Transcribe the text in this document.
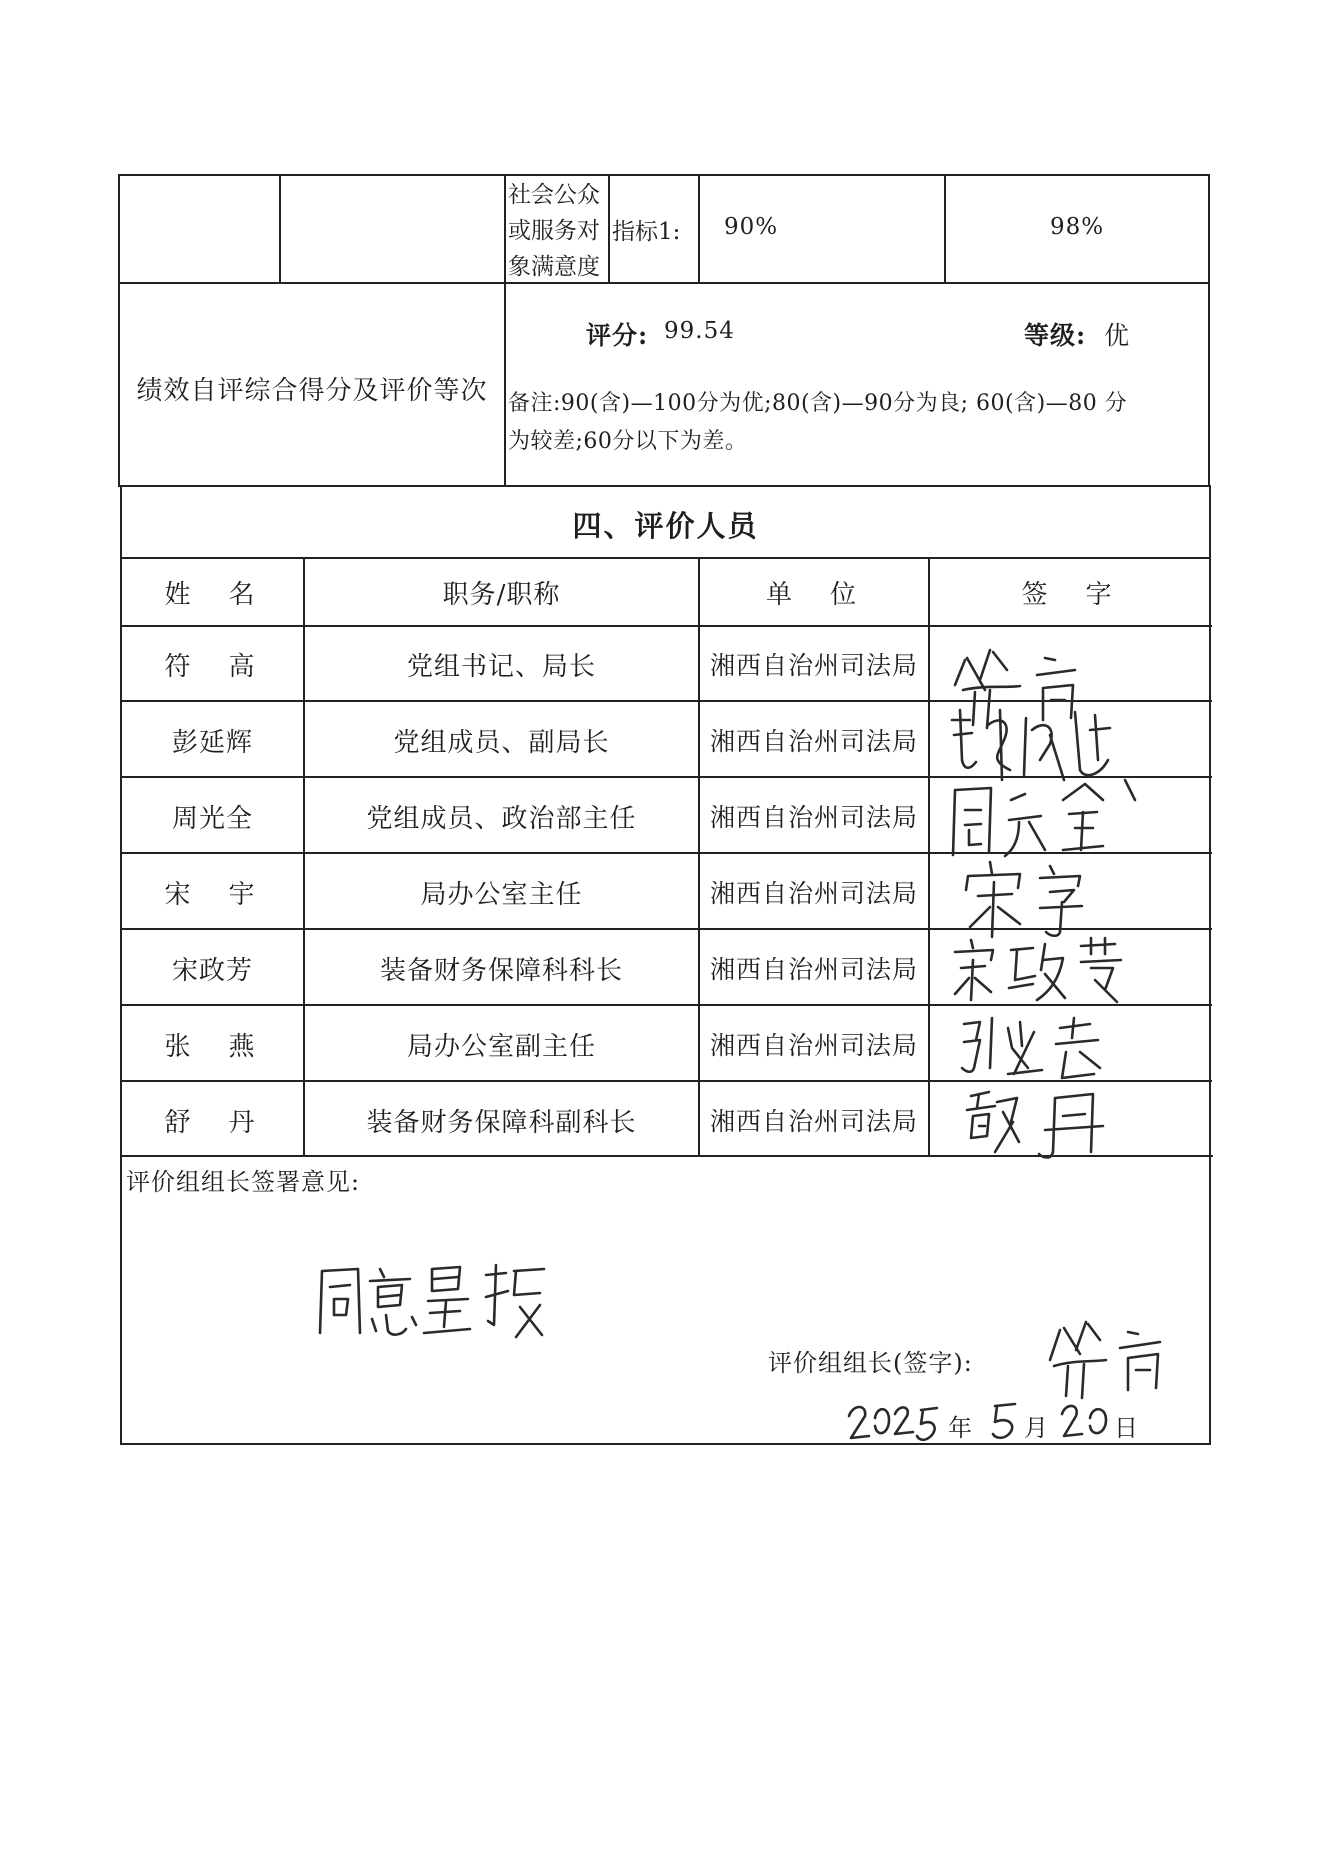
社会公众
或服务对
象满意度
指标1: 90%	98%
绩效自评综合得分及评价等次
评分: 99.54	等级: 优
备注:90(含)—100分为优;80(含)—90分为良; 60(含)—80 分
为较差;60分以下为差。
四、评价人员
姓　名	职务/职称	单　位	签　字
符　高	党组书记、局长	湘西自治州司法局
彭延辉	党组成员、副局长	湘西自治州司法局
周光全	党组成员、政治部主任	湘西自治州司法局
宋　宇	局办公室主任	湘西自治州司法局
宋政芳	装备财务保障科科长	湘西自治州司法局
张　燕	局办公室副主任	湘西自治州司法局
舒　丹	装备财务保障科副科长	湘西自治州司法局
评价组组长签署意见:
评价组组长(签字):
年 月	日
